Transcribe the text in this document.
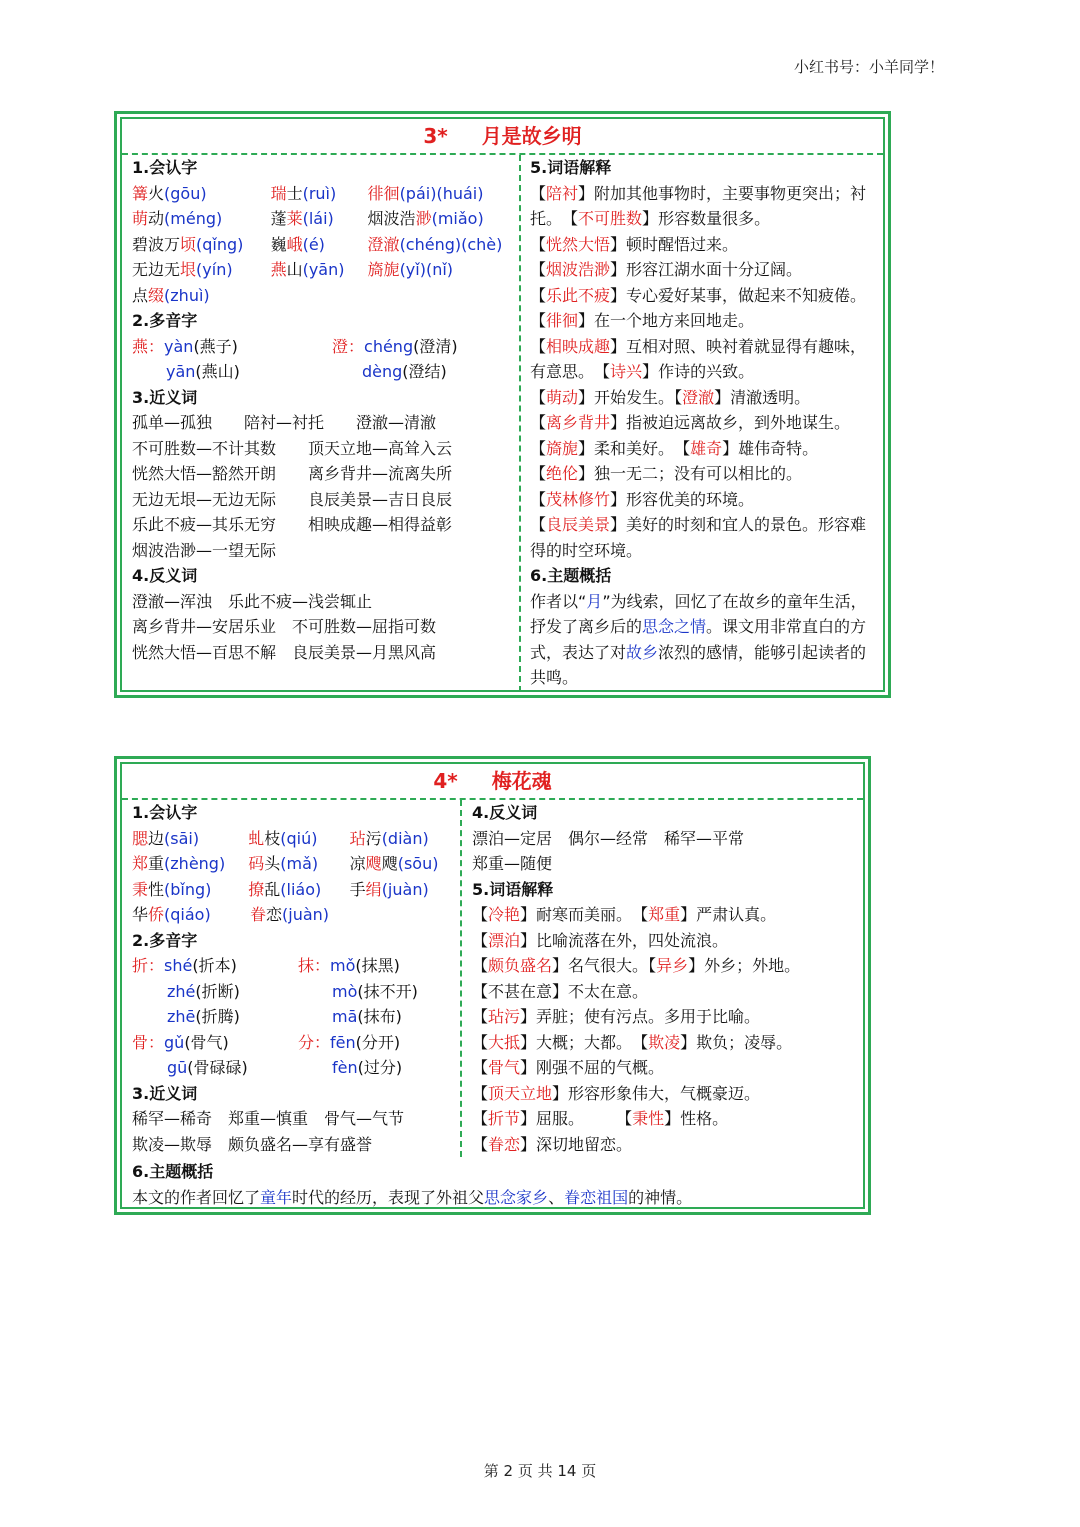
小红书号：小羊同学！
3* 月是故乡明
1.会认字
篝火(gōu)	瑞士(ruì)	徘徊(pái)(huái)
萌动(méng)	蓬莱(lái)	烟波浩渺(miǎo)
碧波万顷(qǐng)	巍峨(é)	澄澈(chéng)(chè)
无边无垠(yín)	燕山(yān)	旖旎(yǐ)(nǐ)
点缀(zhuì)
2.多音字
燕：yàn(燕子)	澄：chéng(澄清)
yān(燕山)	dèng(澄结)
3.近义词
孤单—孤独　　陪衬—衬托　　澄澈—清澈
不可胜数—不计其数　　顶天立地—高耸入云
恍然大悟—豁然开朗　　离乡背井—流离失所
无边无垠—无边无际　　良辰美景—吉日良辰
乐此不疲—其乐无穷　　相映成趣—相得益彰
烟波浩渺—一望无际
4.反义词
澄澈—浑浊　乐此不疲—浅尝辄止
离乡背井—安居乐业　不可胜数—屈指可数
恍然大悟—百思不解　良辰美景—月黑风高
5.词语解释
【陪衬】附加其他事物时，主要事物更突出；衬托。　【不可胜数】形容数量很多。
【恍然大悟】顿时醒悟过来。
【烟波浩渺】形容江湖水面十分辽阔。
【乐此不疲】专心爱好某事，做起来不知疲倦。　【徘徊】在一个地方来回地走。
【相映成趣】互相对照、映衬着就显得有趣味，有意思。　【诗兴】作诗的兴致。
【萌动】开始发生。【澄澈】清澈透明。
【离乡背井】指被迫远离故乡，到外地谋生。
【旖旎】柔和美好。　【雄奇】雄伟奇特。
【绝伦】独一无二；没有可以相比的。
【茂林修竹】形容优美的环境。
【良辰美景】美好的时刻和宜人的景色。形容难得的时空环境。
6.主题概括
作者以“月”为线索，回忆了在故乡的童年生活，抒发了离乡后的思念之情。课文用非常直白的方式，表达了对故乡浓烈的感情，能够引起读者的共鸣。
4* 梅花魂
1.会认字
腮边(sāi)	虬枝(qiú)	玷污(diàn)
郑重(zhèng)	码头(mǎ)	凉飕飕(sōu)
秉性(bǐng)	撩乱(liáo)	手绢(juàn)
华侨(qiáo)	眷恋(juàn)
2.多音字
折：shé(折本)	抹：mǒ(抹黑)
zhé(折断)	mò(抹不开)
zhē(折腾)	mā(抹布)
骨：gǔ(骨气)	分：fēn(分开)
gū(骨碌碌)	fèn(过分)
3.近义词
稀罕—稀奇　郑重—慎重　骨气—气节
欺凌—欺辱　颇负盛名—享有盛誉
4.反义词
漂泊—定居　偶尔—经常　稀罕—平常
郑重—随便
5.词语解释
【冷艳】耐寒而美丽。　【郑重】严肃认真。
【漂泊】比喻流落在外，四处流浪。
【颇负盛名】名气很大。【异乡】外乡；外地。
【不甚在意】不太在意。
【玷污】弄脏；使有污点。多用于比喻。
【大抵】大概；大都。　【欺凌】欺负；凌辱。
【骨气】刚强不屈的气概。
【顶天立地】形容形象伟大，气概豪迈。
【折节】屈服。　　　【秉性】性格。
【眷恋】深切地留恋。
6.主题概括
本文的作者回忆了童年时代的经历，表现了外祖父思念家乡、眷恋祖国的神情。
第 2 页 共 14 页
